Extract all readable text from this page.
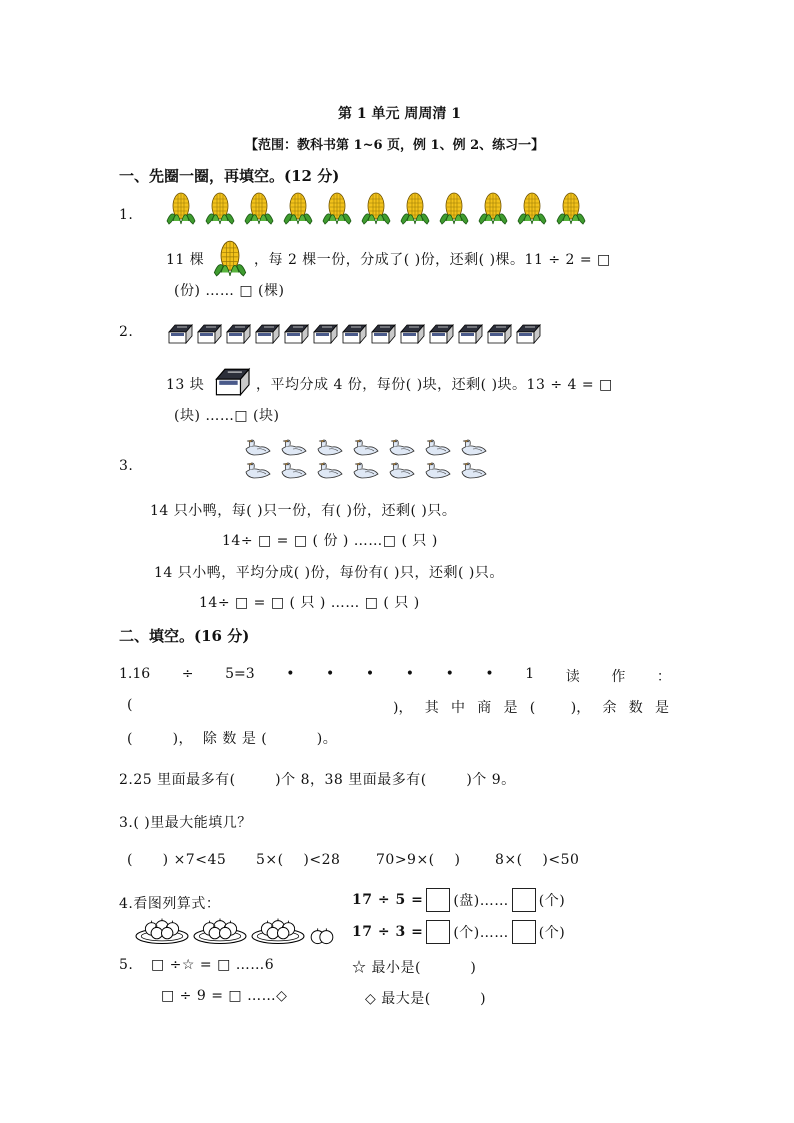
第 1 单元 周周清 1
【范围：教科书第 1~6 页，例 1、例 2、练习一】
一、先圈一圈，再填空。(12 分)
1.
11 棵	，每 2 棵一份，分成了( )份，还剩( )棵。11 ÷ 2 = □
(份) …… □ (棵)
2.
13 块	，平均分成 4 份，每份( )块，还剩( )块。13 ÷ 4 = □
(块) ……□ (块)
3.
14 只小鸭，每( )只一份，有( )份，还剩( )只。
14÷ □ = □ ( 份 ) ……□ ( 只 )
14 只小鸭，平均分成( )份，每份有( )只，还剩( )只。
14÷ □ = □ ( 只 ) …… □ ( 只 )
二、填空。(16 分)
1.16 ÷ 5=3 • • • • • • 1 读 作 ：
(	)， 其 中 商 是 (        )， 余 数 是
(        )，  除 数 是 (          )。
2.25 里面最多有(        )个 8，38 里面最多有(        )个 9。
3.( )里最大能填几？
(      ) ×7<45 5×(    )<28	70>9×(    ) 8×(    )<50
4.看图列算式：	17 ÷ 5 = (盘)…… (个)
17 ÷ 3 = (个)…… (个)
5. □ ÷☆ = □ ……6	☆ 最小是(          )
□ ÷ 9 = □ ……◇	◇ 最大是(          )
